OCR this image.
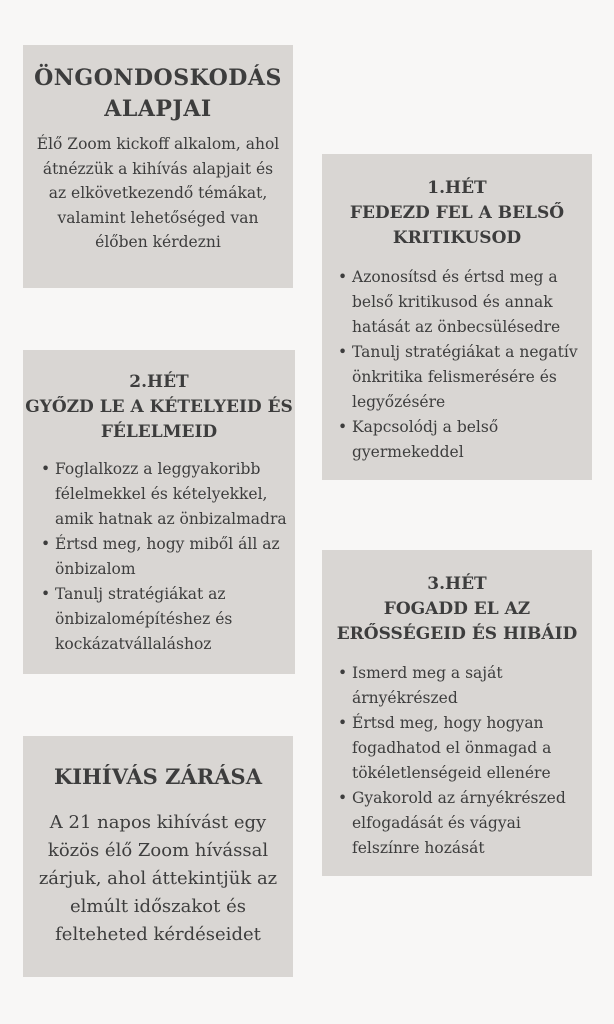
ÖNGONDOSKODÁS ALAPJAI

Élő Zoom kickoff alkalom, ahol átnézzük a kihívás alapjait és az elkövetkezendő témákat, valamint lehetőséged van élőben kérdezni

1.HÉT
FEDEZD FEL A BELSŐ KRITIKUSOD
• Azonosítsd és értsd meg a belső kritikusod és annak hatását az önbecsülésedre
• Tanulj stratégiákat a negatív önkritika felismerésére és legyőzésére
• Kapcsolódj a belső gyermekeddel
2.HÉT
GYŐZD LE A KÉTELYEID ÉS FÉLELMEID
• Foglalkozz a leggyakoribb félelmekkel és kételyekkel, amik hatnak az önbizalmadra
• Értsd meg, hogy miből áll az önbizalom
• Tanulj stratégiákat az önbizalomépítéshez és kockázatvállaláshoz
3.HÉT
FOGADD EL AZ ERŐSSÉGEID ÉS HIBÁID
• Ismerd meg a saját árnyékrészed
• Értsd meg, hogy hogyan fogadhatod el önmagad a tökéletlenségeid ellenére
• Gyakorold az árnyékrészed elfogadását és vágyai felszínre hozását
KIHÍVÁS ZÁRÁSA

A 21 napos kihívást egy közös élő Zoom hívással zárjuk, ahol áttekintjük az elmúlt időszakot és felteheted kérdéseidet
